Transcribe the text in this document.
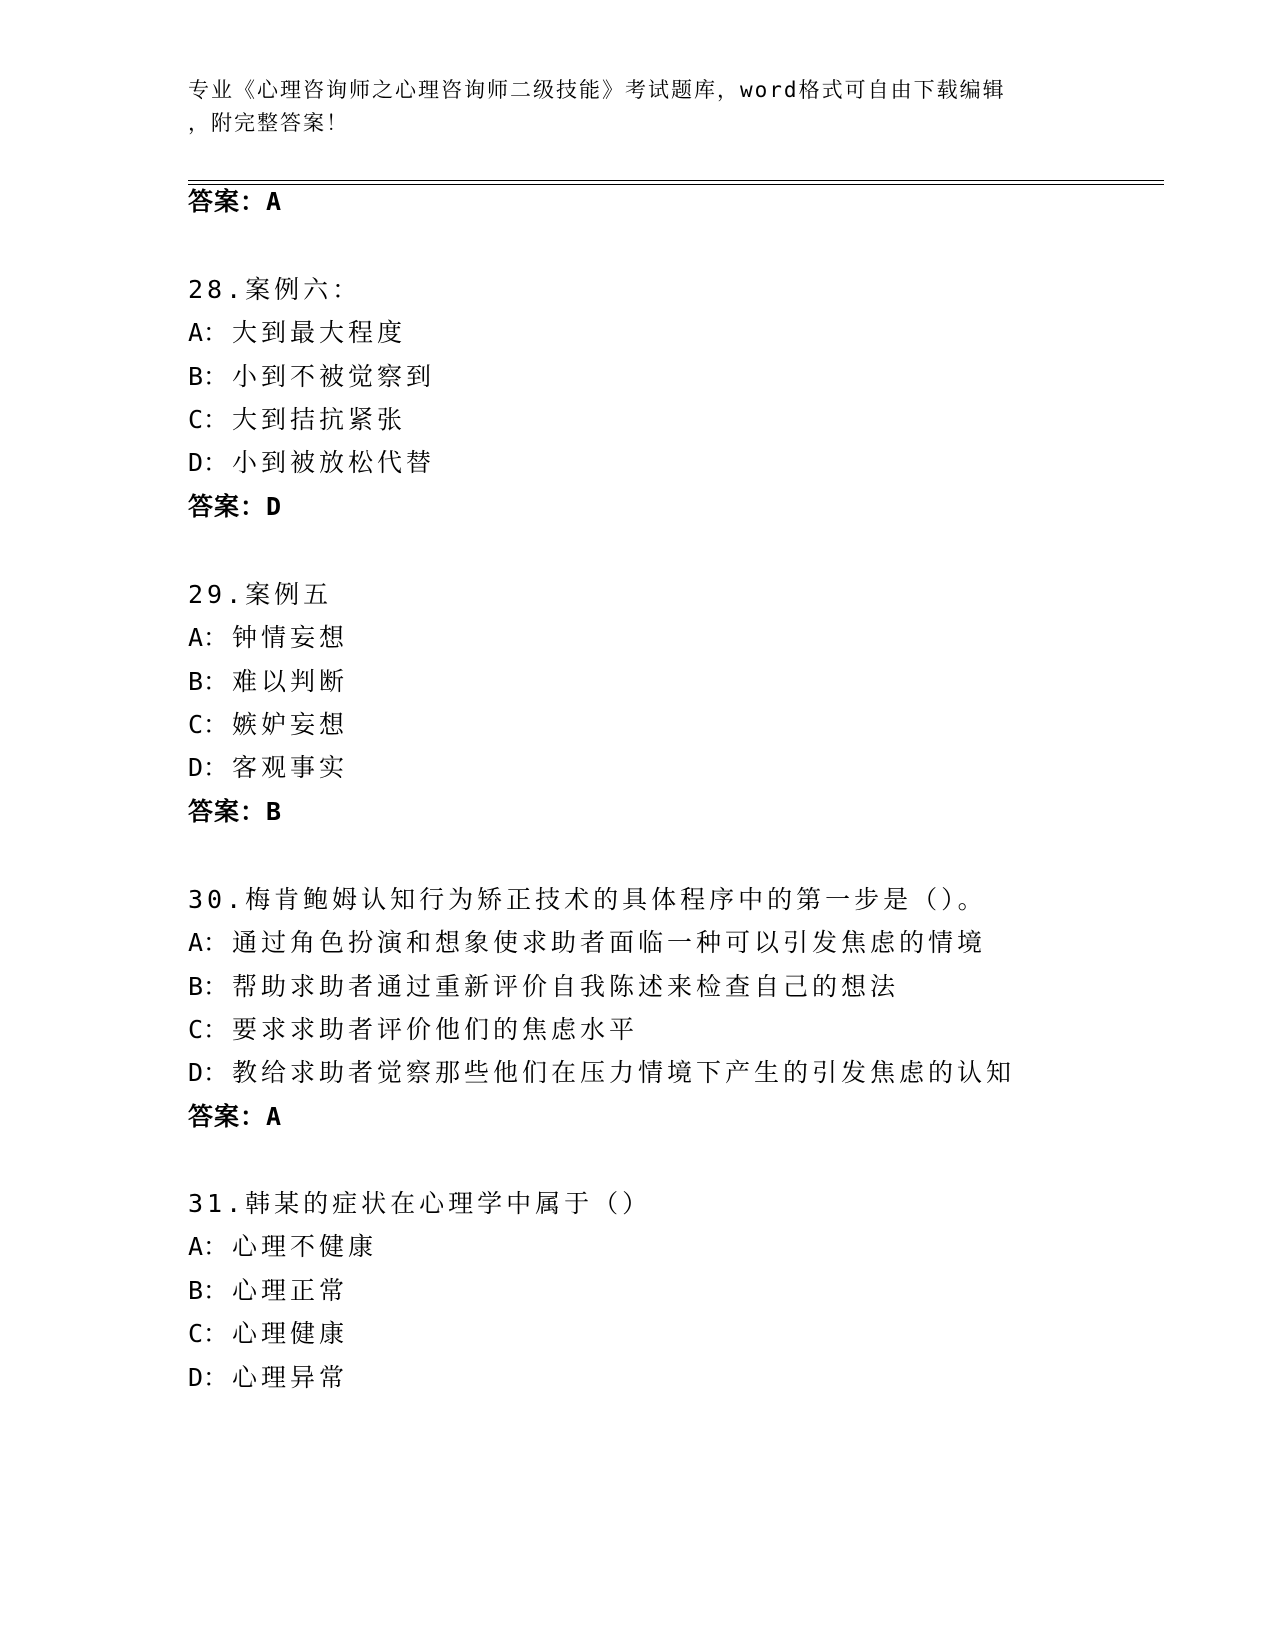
专业《心理咨询师之心理咨询师二级技能》考试题库，word格式可自由下载编辑
，附完整答案！
答案：A
28.案例六：
A： 大到最大程度
B： 小到不被觉察到
C： 大到拮抗紧张
D： 小到被放松代替
答案：D
29.案例五
A： 钟情妄想
B： 难以判断
C： 嫉妒妄想
D： 客观事实
答案：B
30.梅肯鲍姆认知行为矫正技术的具体程序中的第一步是（）。
A： 通过角色扮演和想象使求助者面临一种可以引发焦虑的情境
B： 帮助求助者通过重新评价自我陈述来检查自己的想法
C： 要求求助者评价他们的焦虑水平
D： 教给求助者觉察那些他们在压力情境下产生的引发焦虑的认知
答案：A
31.韩某的症状在心理学中属于（）
A： 心理不健康
B： 心理正常
C： 心理健康
D： 心理异常
